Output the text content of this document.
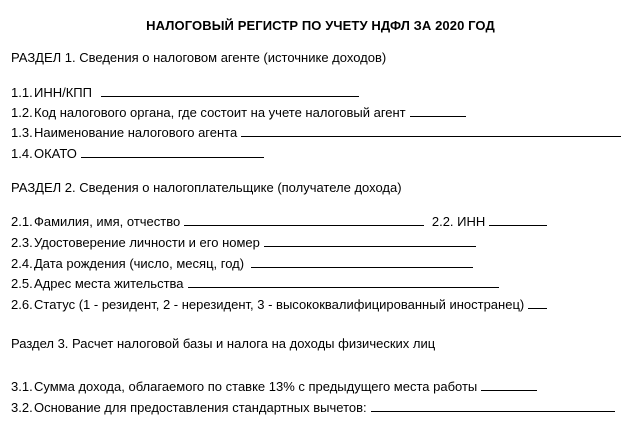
НАЛОГОВЫЙ РЕГИСТР ПО УЧЕТУ НДФЛ ЗА 2020 ГОД
РАЗДЕЛ 1. Сведения о налоговом агенте (источнике доходов)
1.1.ИНН/КПП
1.2.Код налогового органа, где состоит на учете налоговый агент
1.3.Наименование налогового агента
1.4.ОКАТО
РАЗДЕЛ 2. Сведения о налогоплательщике (получателе дохода)
2.1.Фамилия, имя, отчество	2.2. ИНН
2.3.Удостоверение личности и его номер
2.4.Дата рождения (число, месяц, год)
2.5.Адрес места жительства
2.6.Статус (1 - резидент, 2 - нерезидент, 3 - высококвалифицированный иностранец)
Раздел 3. Расчет налоговой базы и налога на доходы физических лиц
3.1.Сумма дохода, облагаемого по ставке 13% с предыдущего места работы
3.2.Основание для предоставления стандартных вычетов:
